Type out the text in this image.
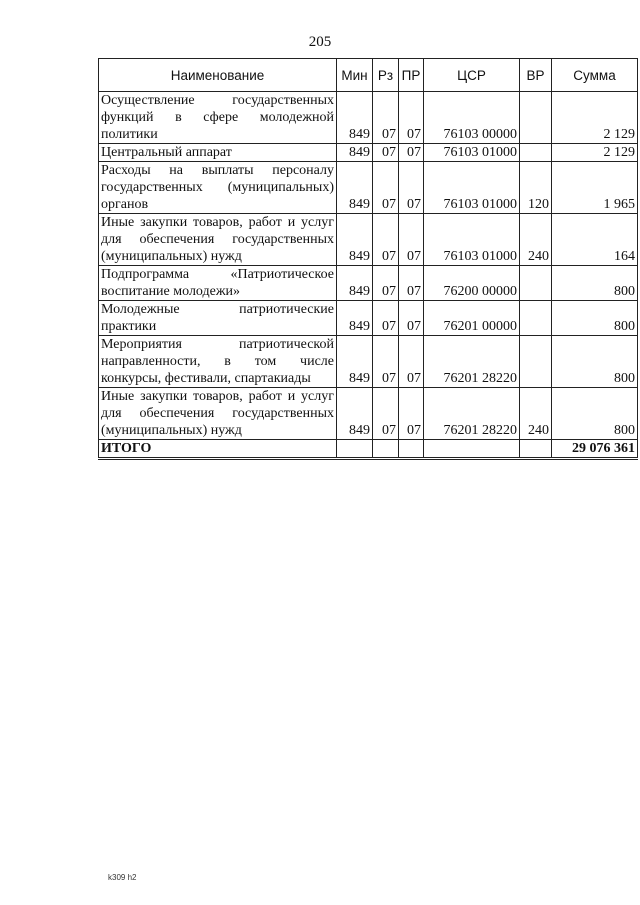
205
Наименование	Мин	Рз	ПР	ЦСР	ВР	Сумма
Осуществление государственных функций в сфере молодежной политики	849	07	07	76103 00000		2 129
Центральный аппарат	849	07	07	76103 01000		2 129
Расходы на выплаты персоналу государственных (муниципальных) органов	849	07	07	76103 01000	120	1 965
Иные закупки товаров, работ и услуг для обеспечения государственных (муниципальных) нужд	849	07	07	76103 01000	240	164
Подпрограмма «Патриотическое воспитание молодежи»	849	07	07	76200 00000		800
Молодежные патриотические практики	849	07	07	76201 00000		800
Мероприятия патриотической направленности, в том числе конкурсы, фестивали, спартакиады	849	07	07	76201 28220		800
Иные закупки товаров, работ и услуг для обеспечения государственных (муниципальных) нужд	849	07	07	76201 28220	240	800
ИТОГО						29 076 361
k309 h2
